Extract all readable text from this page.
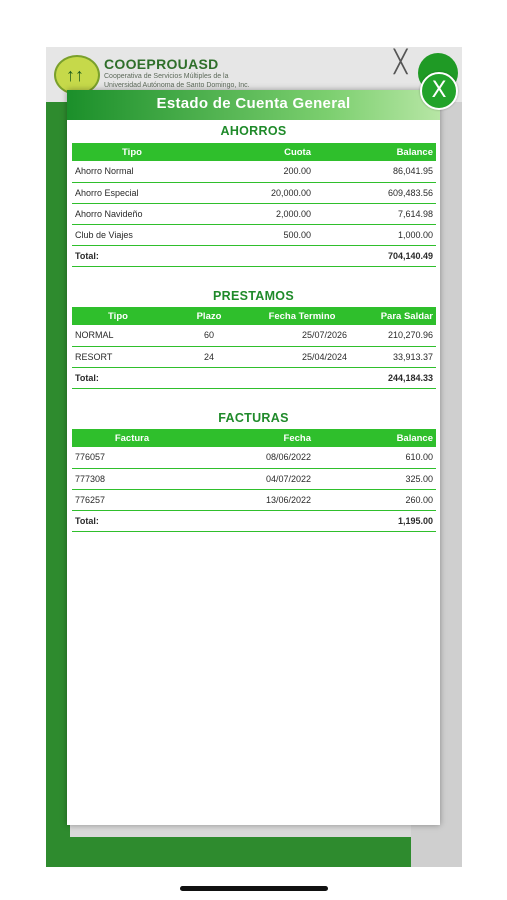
↑↑
COOEPROUASD
Cooperativa de Servicios Múltiples de la
Universidad Autónoma de Santo Domingo, Inc.
╳
Estado de Cuenta General
AHORROS
Tipo	Cuota	Balance
Ahorro Normal	200.00	86,041.95
Ahorro Especial	20,000.00	609,483.56
Ahorro Navideño	2,000.00	7,614.98
Club de Viajes	500.00	1,000.00
Total:		704,140.49
PRESTAMOS
Tipo	Plazo	Fecha Termino	Para Saldar
NORMAL	60	25/07/2026	210,270.96
RESORT	24	25/04/2024	33,913.37
Total:			244,184.33
FACTURAS
Factura	Fecha	Balance
776057	08/06/2022	610.00
777308	04/07/2022	325.00
776257	13/06/2022	260.00
Total:		1,195.00
X
